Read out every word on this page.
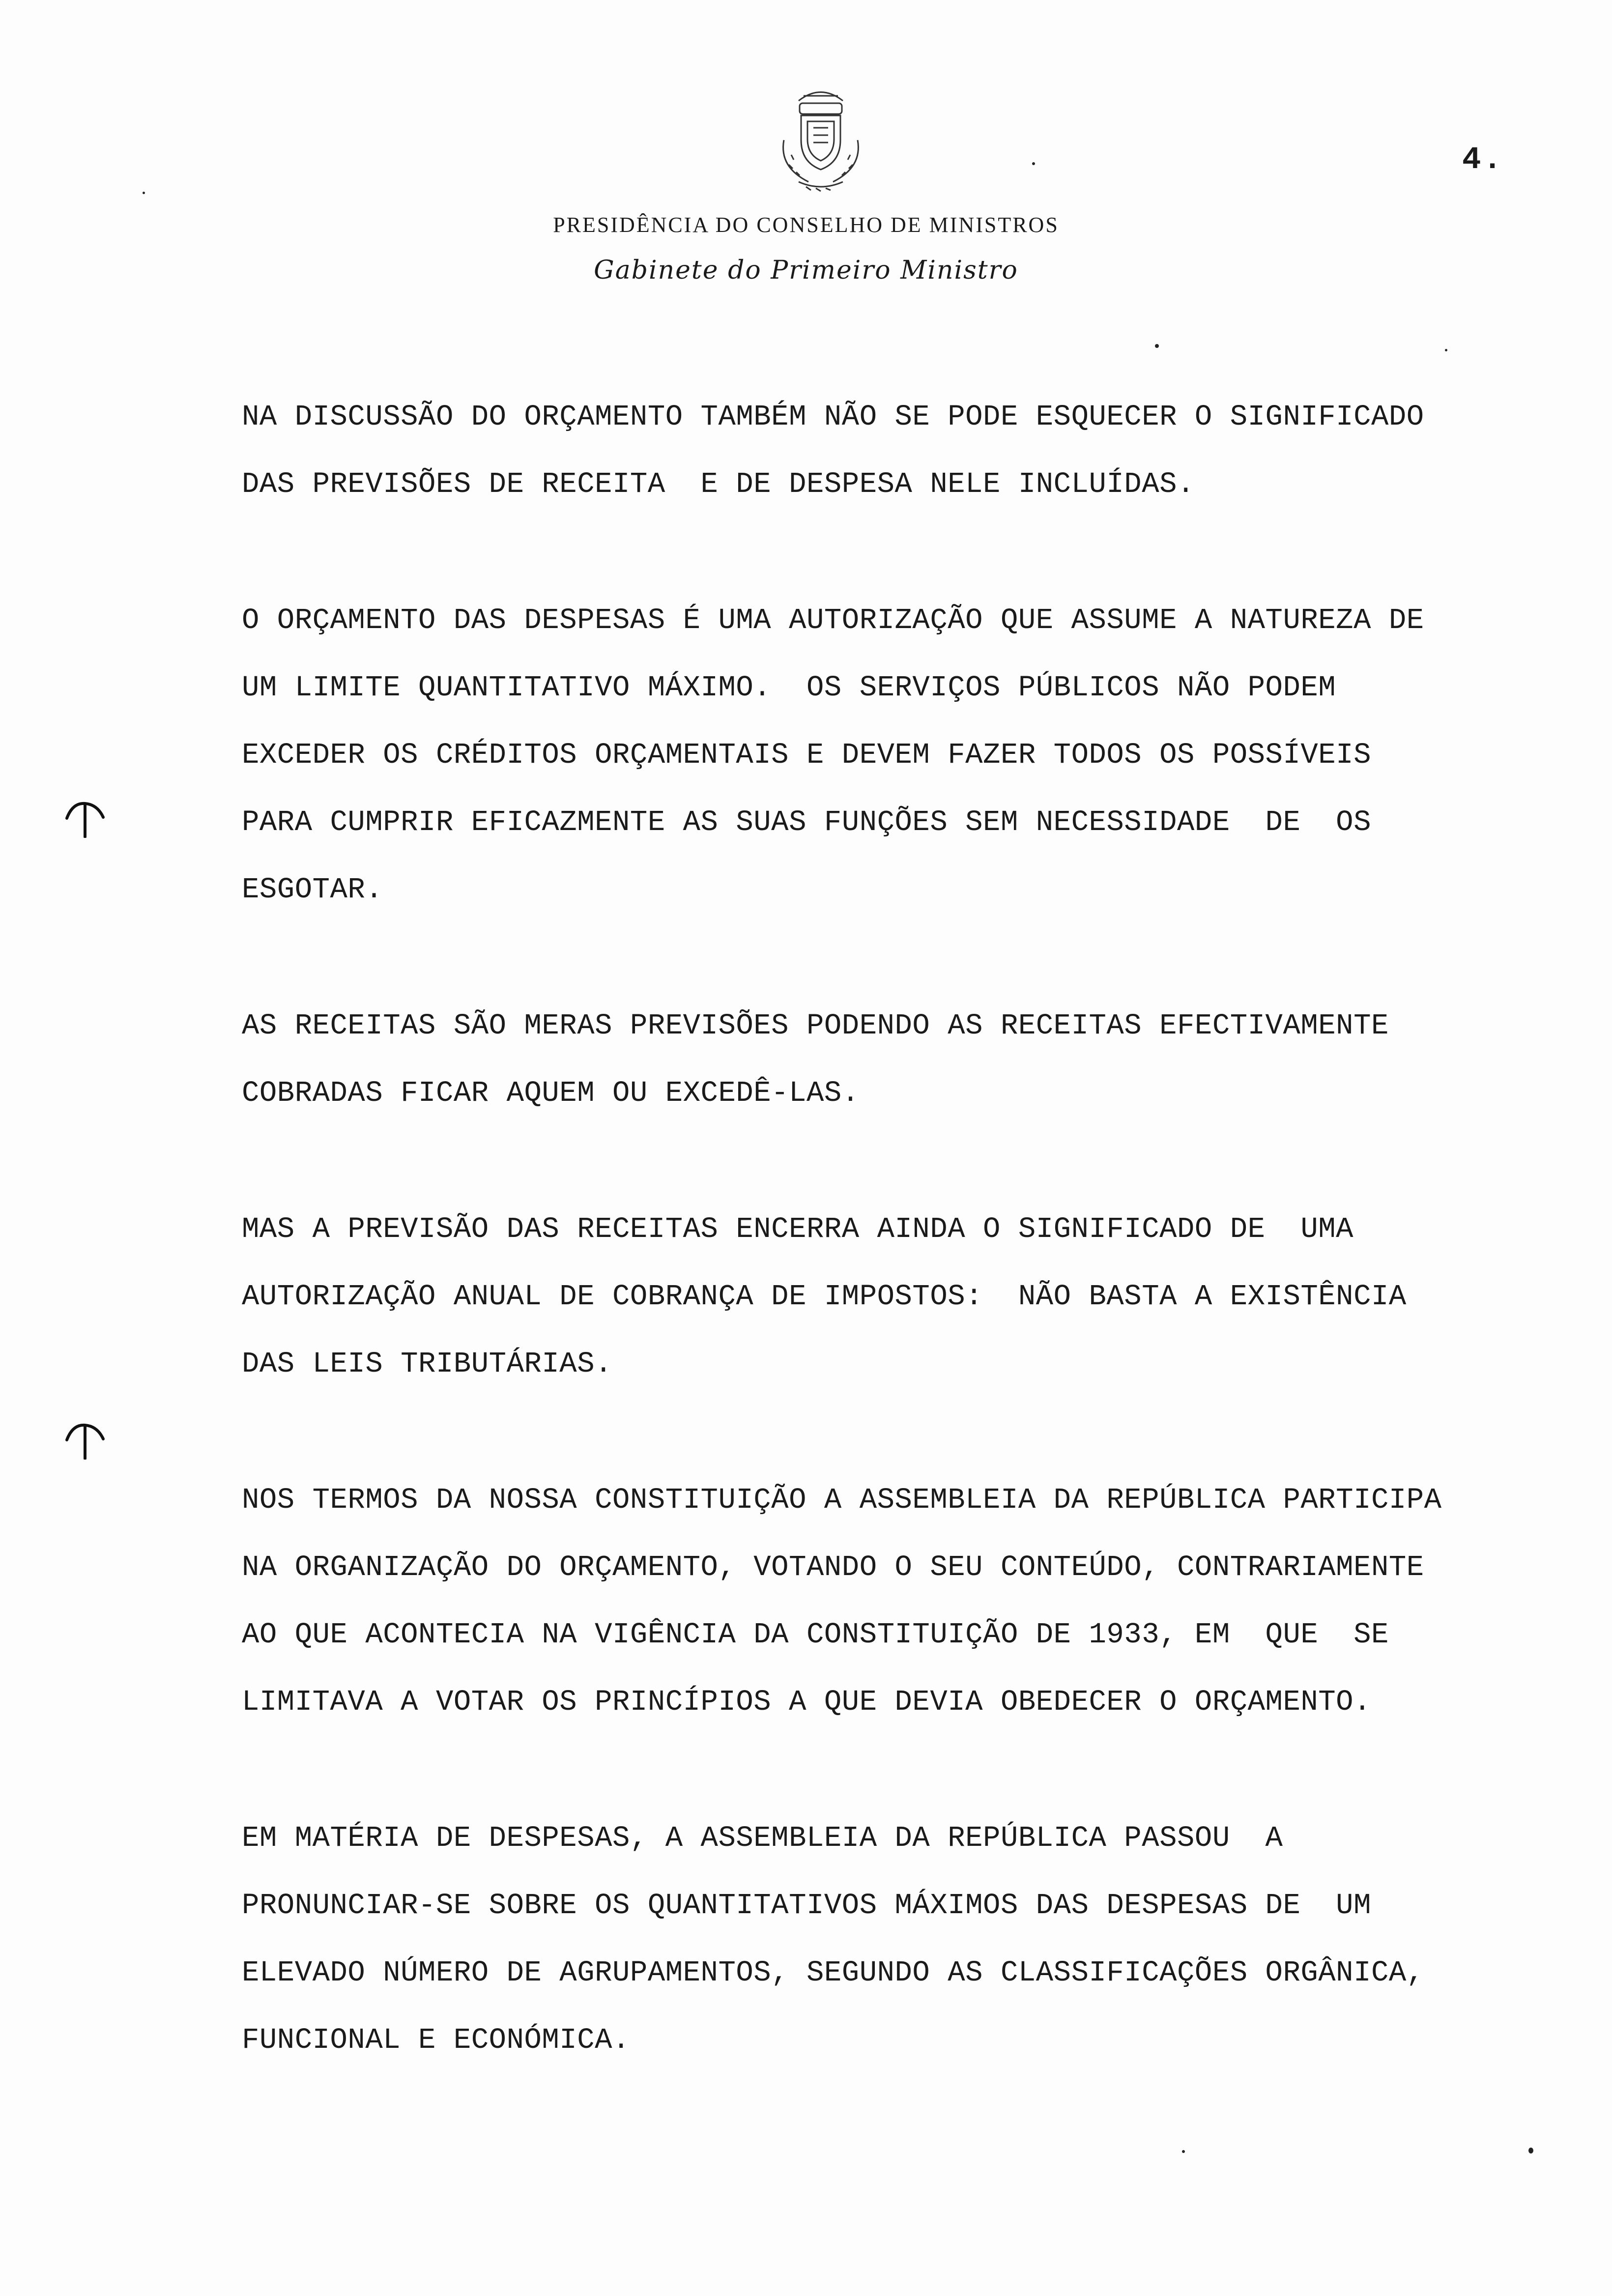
4.
PRESIDÊNCIA DO CONSELHO DE MINISTROS
Gabinete do Primeiro Ministro
NA DISCUSSÃO DO ORÇAMENTO TAMBÉM NÃO SE PODE ESQUECER O SIGNIFICADO
DAS PREVISÕES DE RECEITA  E DE DESPESA NELE INCLUÍDAS.
O ORÇAMENTO DAS DESPESAS É UMA AUTORIZAÇÃO QUE ASSUME A NATUREZA DE
UM LIMITE QUANTITATIVO MÁXIMO.  OS SERVIÇOS PÚBLICOS NÃO PODEM
EXCEDER OS CRÉDITOS ORÇAMENTAIS E DEVEM FAZER TODOS OS POSSÍVEIS
PARA CUMPRIR EFICAZMENTE AS SUAS FUNÇÕES SEM NECESSIDADE  DE  OS
ESGOTAR.
AS RECEITAS SÃO MERAS PREVISÕES PODENDO AS RECEITAS EFECTIVAMENTE
COBRADAS FICAR AQUEM OU EXCEDÊ-LAS.
MAS A PREVISÃO DAS RECEITAS ENCERRA AINDA O SIGNIFICADO DE  UMA
AUTORIZAÇÃO ANUAL DE COBRANÇA DE IMPOSTOS:  NÃO BASTA A EXISTÊNCIA
DAS LEIS TRIBUTÁRIAS.
NOS TERMOS DA NOSSA CONSTITUIÇÃO A ASSEMBLEIA DA REPÚBLICA PARTICIPA
NA ORGANIZAÇÃO DO ORÇAMENTO, VOTANDO O SEU CONTEÚDO, CONTRARIAMENTE
AO QUE ACONTECIA NA VIGÊNCIA DA CONSTITUIÇÃO DE 1933, EM  QUE  SE
LIMITAVA A VOTAR OS PRINCÍPIOS A QUE DEVIA OBEDECER O ORÇAMENTO.
EM MATÉRIA DE DESPESAS, A ASSEMBLEIA DA REPÚBLICA PASSOU  A
PRONUNCIAR-SE SOBRE OS QUANTITATIVOS MÁXIMOS DAS DESPESAS DE  UM
ELEVADO NÚMERO DE AGRUPAMENTOS, SEGUNDO AS CLASSIFICAÇÕES ORGÂNICA,
FUNCIONAL E ECONÓMICA.
